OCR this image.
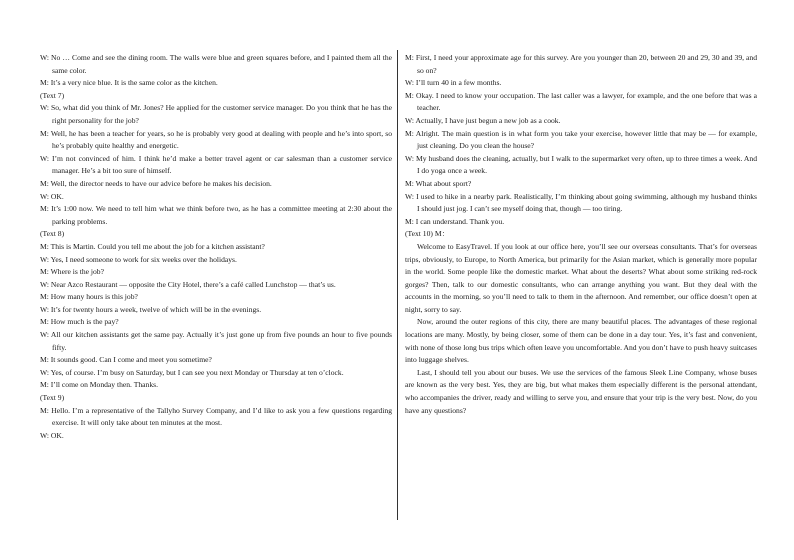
W: No … Come and see the dining room. The walls were blue and green squares before, and I painted them all the same color.

M: It’s a very nice blue. It is the same color as the kitchen.

(Text 7)

W: So, what did you think of Mr. Jones? He applied for the customer service manager. Do you think that he has the right personality for the job?

M: Well, he has been a teacher for years, so he is probably very good at dealing with people and he’s into sport, so he’s probably quite healthy and energetic.

W: I’m not convinced of him. I think he’d make a better travel agent or car salesman than a customer service manager. He’s a bit too sure of himself.

M: Well, the director needs to have our advice before he makes his decision.

W: OK.

M: It’s 1:00 now. We need to tell him what we think before two, as he has a committee meeting at 2:30 about the parking problems.

(Text 8)

M: This is Martin. Could you tell me about the job for a kitchen assistant?

W: Yes, I need someone to work for six weeks over the holidays.

M: Where is the job?

W: Near Azco Restaurant — opposite the City Hotel, there’s a café called Lunchstop — that’s us.

M: How many hours is this job?

W: It’s for twenty hours a week, twelve of which will be in the evenings.

M: How much is the pay?

W: All our kitchen assistants get the same pay. Actually it’s just gone up from five pounds an hour to five pounds fifty.

M: It sounds good. Can I come and meet you sometime?

W: Yes, of course. I’m busy on Saturday, but I can see you next Monday or Thursday at ten o’clock.

M: I’ll come on Monday then. Thanks.

(Text 9)

M: Hello. I’m a representative of the Tallyho Survey Company, and I’d like to ask you a few questions regarding exercise. It will only take about ten minutes at the most.

W: OK.

M: First, I need your approximate age for this survey. Are you younger than 20, between 20 and 29, 30 and 39, and so on?

W: I’ll turn 40 in a few months.

M: Okay. I need to know your occupation. The last caller was a lawyer, for example, and the one before that was a teacher.

W: Actually, I have just begun a new job as a cook.

M: Alright. The main question is in what form you take your exercise, however little that may be — for example, just cleaning. Do you clean the house?

W: My husband does the cleaning, actually, but I walk to the supermarket very often, up to three times a week. And I do yoga once a week.

M: What about sport?

W: I used to hike in a nearby park. Realistically, I’m thinking about going swimming, although my husband thinks I should just jog. I can’t see myself doing that, though — too tiring.

M: I can understand. Thank you.

(Text 10) M：

Welcome to EasyTravel. If you look at our office here, you’ll see our overseas consultants. That’s for overseas trips, obviously, to Europe, to North America, but primarily for the Asian market, which is generally more popular in the world. Some people like the domestic market. What about the deserts? What about some striking red-rock gorges? Then, talk to our domestic consultants, who can arrange anything you want. But they deal with the accounts in the morning, so you’ll need to talk to them in the afternoon. And remember, our office doesn’t open at night, sorry to say.

Now, around the outer regions of this city, there are many beautiful places. The advantages of these regional locations are many. Mostly, by being closer, some of them can be done in a day tour. Yes, it’s fast and convenient, with none of those long bus trips which often leave you uncomfortable. And you don’t have to push heavy suitcases into luggage shelves.

Last, I should tell you about our buses. We use the services of the famous Sleek Line Company, whose buses are known as the very best. Yes, they are big, but what makes them especially different is the personal attendant, who accompanies the driver, ready and willing to serve you, and ensure that your trip is the very best. Now, do you have any questions?
